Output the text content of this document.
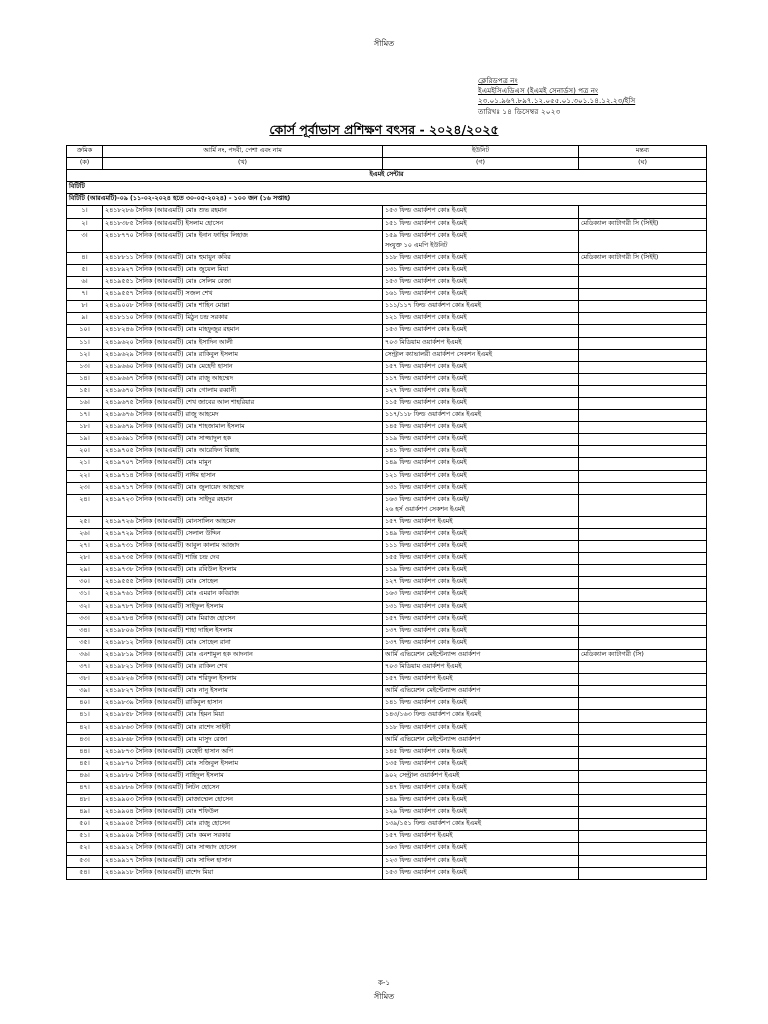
সীমিত
ক্লেরিডপত্র নং
ইএমইসিএডিএস (ইএমই সেনার্ডস) পত্র নং
২৩.০১.৯৬৭.৮৯৭.১২.০৫৫.০১.৩০১.১৪.১২.২৩/ইসি
তারিখঃ ১৪ ডিসেম্বর ২০২৩
কোর্স পূর্বাভাস প্রশিক্ষণ বৎসর - ২০২৪/২০২৫
ক্রমিক	আর্মি নং, পদবী, পেশা এবং নাম	ইউনিট	মন্তব্য
(ক)	(খ)	(গ)	(ঘ)
ইএমই সেন্টার			
বিটিটি			
বিটিটি (আরএমটি)-০৯ (১১-০২-২০২৪ হতে ৩০-০৫-২০২৪) - ১০০ জন (১৬ সপ্তাহ)			
১।	২৪১৮২৮৬ সৈনিক (আরএমটি) মোঃ শুভ রহমান	১৫৩ ফিল্ড ওয়ার্কশপ কোঃ ইএমই	

২।	২৪১৮৩৮৫ সৈনিক (আরএমটি) ইসলাম হোসেন	১৫১ ফিল্ড ওয়ার্কশপ কোঃ ইএমই	মেডিক্যাল ক্যাটাগরী সি (সিইই)
৩।	২৪১৮৭৭০ সৈনিক (আরএমটি) মোঃ ইনান ফাহিম লিহাজ	১৫৯ ফিল্ড ওয়ার্কশপ কোঃ ইএমই
সংযুক্ত ১০ এমপি ইউনিট	

৪।	২৪১৮৮১১ সৈনিক (আরএমটি) মোঃ হুমায়ুন কবির	১১৮ ফিল্ড ওয়ার্কশপ কোঃ ইএমই	মেডিক্যাল ক্যাটাগরী সি (সিইই)
৫।	২৪১৮৯২৭ সৈনিক (আরএমটি) মোঃ জুয়েল মিয়া	১৩১ ফিল্ড ওয়ার্কশপ কোঃ ইএমই	

৬।	২৪১৯৫৫১ সৈনিক (আরএমটি) মোঃ সেলিম রেজা	১৫৩ ফিল্ড ওয়ার্কশপ কোঃ ইএমই	

৭।	২৪১৯৫৫৭ সৈনিক (আরএমটি) সজল শেখ	১৬১ ফিল্ড ওয়ার্কশপ কোঃ ইএমই	

৮।	২৪১৯০০৮ সৈনিক (আরএমটি) মোঃ শাহিন মোল্লা	১১১/১১৭ ফিল্ড ওয়ার্কশপ কোঃ ইএমই	

৯।	২৪১৮১১০ সৈনিক (আরএমটি) মিঠুন চন্দ্র সরকার	১২১ ফিল্ড ওয়ার্কশপ কোঃ ইএমই	

১০।	২৪১৮২৪৬ সৈনিক (আরএমটি) মোঃ মাহফুজুর রহমান	১৫৩ ফিল্ড ওয়ার্কশপ কোঃ ইএমই	

১১।	২৪১৯৬২০ সৈনিক (আরএমটি) মোঃ ইসাদিন আলী	৭০৩ মিডিয়াম ওয়ার্কশপ ইএমই	

১২।	২৪১৯৬২৯ সৈনিক (আরএমটি) মোঃ রাকিবুল ইসলাম	সেন্ট্রাল ক্যাভালরী ওয়ার্কশপ সেকশন ইএমই	

১৩।	২৪১৯৬৬০ সৈনিক (আরএমটি) মোঃ মেহেদী হাসান	১৫৭ ফিল্ড ওয়ার্কশপ কোঃ ইএমই	

১৪।	২৪১৯৬৬৭ সৈনিক (আরএমটি) মোঃ রাজু আহম্মেদ	১১৭ ফিল্ড ওয়ার্কশপ কোঃ ইএমই	

১৫।	২৪১৯৬৭০ সৈনিক (আরএমটি) মোঃ গোলাম রব্বানী	১২৭ ফিল্ড ওয়ার্কশপ কোঃ ইএমই	

১৬।	২৪১৯৬৭৫ সৈনিক (আরএমটি) শেখ জাবের আল শাহরিয়ার	১১৫ ফিল্ড ওয়ার্কশপ কোঃ ইএমই	

১৭।	২৪১৯৬৭৬ সৈনিক (আরএমটি) রাজু আহমেদ	১১৭/১১৮ ফিল্ড ওয়ার্কশপ কোঃ ইএমই	

১৮।	২৪১৯৬৭৯ সৈনিক (আরএমটি) মোঃ শাহজামাল ইসলাম	১৪৫ ফিল্ড ওয়ার্কশপ কোঃ ইএমই	

১৯।	২৪১৯৬৯১ সৈনিক (আরএমটি) মোঃ সাজ্জাদুল হক	১১৯ ফিল্ড ওয়ার্কশপ কোঃ ইএমই	

২০।	২৪১৯৭০৫ সৈনিক (আরএমটি) মোঃ আরেফিন বিল্লাহ	১৪১ ফিল্ড ওয়ার্কশপ কোঃ ইএমই	

২১।	২৪১৯৭০৭ সৈনিক (আরএমটি) মোঃ মামুন	১৪৯ ফিল্ড ওয়ার্কশপ কোঃ ইএমই	

২২।	২৪১৯৭১৪ সৈনিক (আরএমটি) নাঈম হাসান	১২১ ফিল্ড ওয়ার্কশপ কোঃ ইএমই	

২৩।	২৪১৯৭১৭ সৈনিক (আরএমটি) মোঃ জুলায়েদ আহম্মেদ	১৩১ ফিল্ড ওয়ার্কশপ কোঃ ইএমই	

২৪।	২৪১৯৭২৩ সৈনিক (আরএমটি) মোঃ সাইদুর রহমান	১৬৩ ফিল্ড ওয়ার্কশপ কোঃ ইএমই/
২৬ হর্স ওয়ার্কশপ সেকশন ইএমই	

২৫।	২৪১৯৭২৬ সৈনিক (আরএমটি) মোনসালিন আহমেদ	১৫৭ ফিল্ড ওয়ার্কশপ ইএমই	

২৬।	২৪১৯৭২৯ সৈনিক (আরএমটি) সেলাল উদ্দিন	১৪৯ ফিল্ড ওয়ার্কশপ কোঃ ইএমই	

২৭।	২৪১৯৭৩১ সৈনিক (আরএমটি) আবুল কালাম আজাদ	১১১ ফিল্ড ওয়ার্কশপ কোঃ ইএমই	

২৮।	২৪১৯৭৩৫ সৈনিক (আরএমটি) শান্তি চন্দ্র দেব	১৫৫ ফিল্ড ওয়ার্কশপ কোঃ ইএমই	

২৯।	২৪১৯৭৩৮ সৈনিক (আরএমটি) মোঃ রবিউল ইসলাম	১১৯ ফিল্ড ওয়ার্কশপ কোঃ ইএমই	

৩০।	২৪১৯৫৫৫ সৈনিক (আরএমটি) মোঃ সোহেল	১২৭ ফিল্ড ওয়ার্কশপ কোঃ ইএমই	

৩১।	২৪১৯৭৬১ সৈনিক (আরএমটি) মোঃ এমরান কবিরাজ	১৬৩ ফিল্ড ওয়ার্কশপ কোঃ ইএমই	

৩২।	২৪১৯৭৮৭ সৈনিক (আরএমটি) সাইফুল ইসলাম	১৩১ ফিল্ড ওয়ার্কশপ কোঃ ইএমই	

৩৩।	২৪১৯৭৮৪ সৈনিক (আরএমটি) মোঃ মিরাজ হোসেন	১৫৭ ফিল্ড ওয়ার্কশপ কোঃ ইএমই	

৩৪।	২৪১৯৮০৬ সৈনিক (আরএমটি) শাহা দাহিল ইসলাম	১৩৭ ফিল্ড ওয়ার্কশপ কোঃ ইএমই	

৩৫।	২৪১৯৮১২ সৈনিক (আরএমটি) মোঃ সোহেল রানা	১৩৭ ফিল্ড ওয়ার্কশপ কোঃ ইএমই	

৩৬।	২৪১৯৮১৯ সৈনিক (আরএমটি) মোঃ এনশামুল হক আদনান	আর্মি এভিয়েশন মেইন্টেন্যান্স ওয়ার্কশপ	মেডিক্যাল ক্যাটাগরী (সি)
৩৭।	২৪১৯৮২১ সৈনিক (আরএমটি) মোঃ রাকিল শেখ	৭০৩ মিডিয়াম ওয়ার্কশপ ইএমই	

৩৮।	২৪১৯৮২৬ সৈনিক (আরএমটি) মোঃ শরিফুল ইসলাম	১৫৭ ফিল্ড ওয়ার্কশপ ইএমই	

৩৯।	২৪১৯৮২৭ সৈনিক (আরএমটি) মোঃ নানু ইসলাম	আর্মি এভিয়েশন মেইন্টেন্যান্স ওয়ার্কশপ	

৪০।	২৪১৯৮৩৯ সৈনিক (আরএমটি) রাকিবুল হাসান	১৪১ ফিল্ড ওয়ার্কশপ কোঃ ইএমই	

৪১।	২৪১৯৮৫৮ সৈনিক (আরএমটি) মোঃ হিমন মিয়া	১৪৩/১৬৩ ফিল্ড ওয়ার্কশপ কোঃ ইএমই	

৪২।	২৪১৯৮৬৩ সৈনিক (আরএমটি) মোঃ রাশেদ সাইনী	১১৮ ফিল্ড ওয়ার্কশপ কোঃ ইএমই	

৪৩।	২৪১৯৮৬৮ সৈনিক (আরএমটি) মোঃ মাসুদ রেজা	আর্মি এভিয়েশন মেইন্টেন্যান্স ওয়ার্কশপ	

৪৪।	২৪১৯৮৭৩ সৈনিক (আরএমটি) মেহেদী হাসান অপি	১৪৫ ফিল্ড ওয়ার্কশপ কোঃ ইএমই	

৪৫।	২৪১৯৮৭০ সৈনিক (আরএমটি) মোঃ সজিবুল ইসলাম	১৩৫ ফিল্ড ওয়ার্কশপ কোঃ ইএমই	

৪৬।	২৪১৯৮৮০ সৈনিক (আরএমটি) নাহিদুল ইসলাম	৯০২ সেন্ট্রাল ওয়ার্কশপ ইএমই	

৪৭।	২৪১৯৮৮৬ সৈনিক (আরএমটি) লিটন হোসেন	১৪৭ ফিল্ড ওয়ার্কশপ কোঃ ইএমই	

৪৮।	২৪১৯৯০৩ সৈনিক (আরএমটি) মোজাম্মেল হোসেন	১৪৯ ফিল্ড ওয়ার্কশপ কোঃ ইএমই	

৪৯।	২৪১৯৯০৪ সৈনিক (আরএমটি) মোঃ শফিউল	১২৯ ফিল্ড ওয়ার্কশপ কোঃ ইএমই	

৫০।	২৪১৯৯০৫ সৈনিক (আরএমটি) মোঃ রাজু হোসেন	১৩৯/১৫১ ফিল্ড ওয়ার্কশপ কোঃ ইএমই	

৫১।	২৪১৯৯০৯ সৈনিক (আরএমটি) মোঃ কমল সরকার	১৫৭ ফিল্ড ওয়ার্কশপ ইএমই	

৫২।	২৪১৯৯১২ সৈনিক (আরএমটি) মোঃ সাজ্জাদ হোসেন	১৬৩ ফিল্ড ওয়ার্কশপ কোঃ ইএমই	

৫৩।	২৪১৯৯১৭ সৈনিক (আরএমটি) মোঃ সাদিল হাসান	১২৩ ফিল্ড ওয়ার্কশপ কোঃ ইএমই	

৫৪।	২৪১৯৯১৮ সৈনিক (আরএমটি) রাশেদ মিয়া	১৫৩ ফিল্ড ওয়ার্কশপ কোঃ ইএমই	

ক-১
সীমিত
